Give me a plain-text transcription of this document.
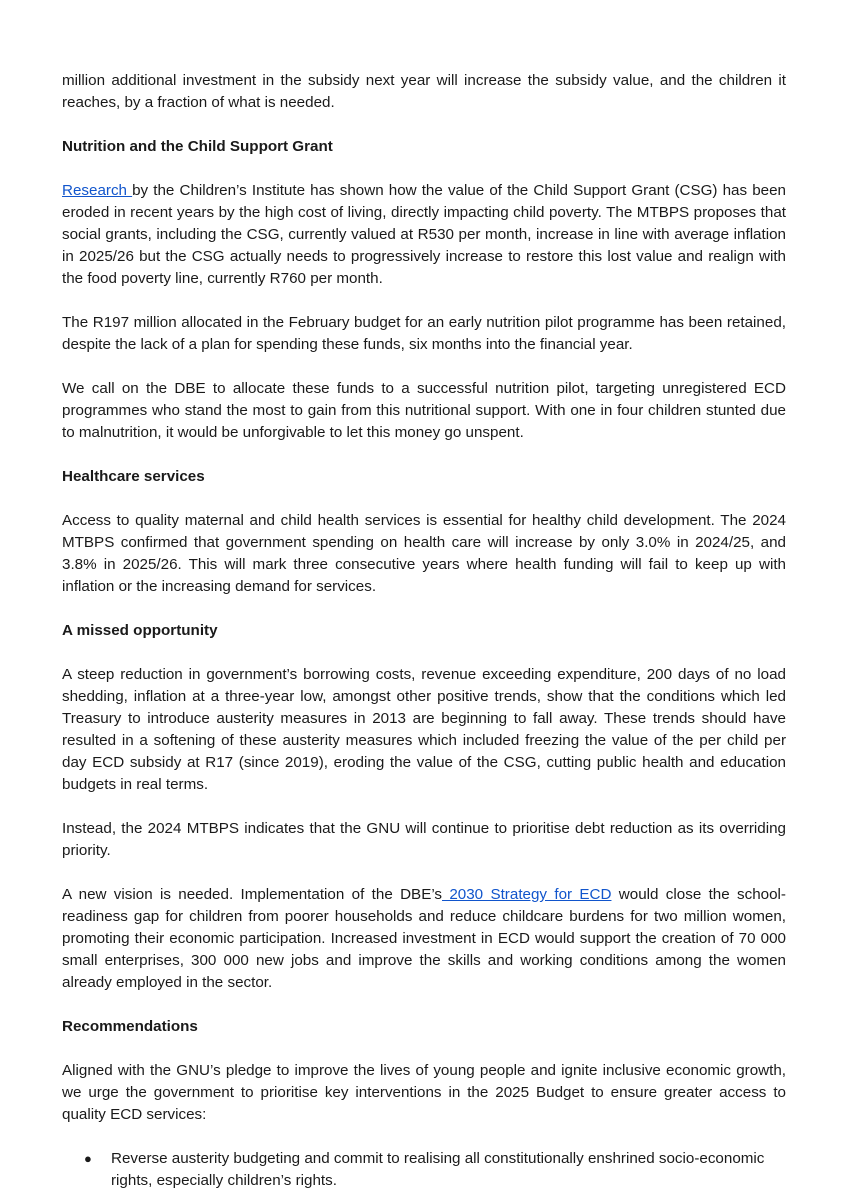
million additional investment in the subsidy next year will increase the subsidy value, and the children it reaches, by a fraction of what is needed.

Nutrition and the Child Support Grant

Research by the Children’s Institute has shown how the value of the Child Support Grant (CSG) has been eroded in recent years by the high cost of living, directly impacting child poverty. The MTBPS proposes that social grants, including the CSG, currently valued at R530 per month, increase in line with average inflation in 2025/26 but the CSG actually needs to progressively increase to restore this lost value and realign with the food poverty line, currently R760 per month.

The R197 million allocated in the February budget for an early nutrition pilot programme has been retained, despite the lack of a plan for spending these funds, six months into the financial year.

We call on the DBE to allocate these funds to a successful nutrition pilot, targeting unregistered ECD programmes who stand the most to gain from this nutritional support. With one in four children stunted due to malnutrition, it would be unforgivable to let this money go unspent.

Healthcare services

Access to quality maternal and child health services is essential for healthy child development. The 2024 MTBPS confirmed that government spending on health care will increase by only 3.0% in 2024/25, and 3.8% in 2025/26. This will mark three consecutive years where health funding will fail to keep up with inflation or the increasing demand for services.

A missed opportunity

A steep reduction in government’s borrowing costs, revenue exceeding expenditure, 200 days of no load shedding, inflation at a three-year low, amongst other positive trends, show that the conditions which led Treasury to introduce austerity measures in 2013 are beginning to fall away. These trends should have resulted in a softening of these austerity measures which included freezing the value of the per child per day ECD subsidy at R17 (since 2019), eroding the value of the CSG, cutting public health and education budgets in real terms.

Instead, the 2024 MTBPS indicates that the GNU will continue to prioritise debt reduction as its overriding priority.

A new vision is needed. Implementation of the DBE’s 2030 Strategy for ECD would close the school-readiness gap for children from poorer households and reduce childcare burdens for two million women, promoting their economic participation. Increased investment in ECD would support the creation of 70 000 small enterprises, 300 000 new jobs and improve the skills and working conditions among the women already employed in the sector.

Recommendations

Aligned with the GNU’s pledge to improve the lives of young people and ignite inclusive economic growth, we urge the government to prioritise key interventions in the 2025 Budget to ensure greater access to quality ECD services:

● Reverse austerity budgeting and commit to realising all constitutionally enshrined socio-economic rights, especially children’s rights.
